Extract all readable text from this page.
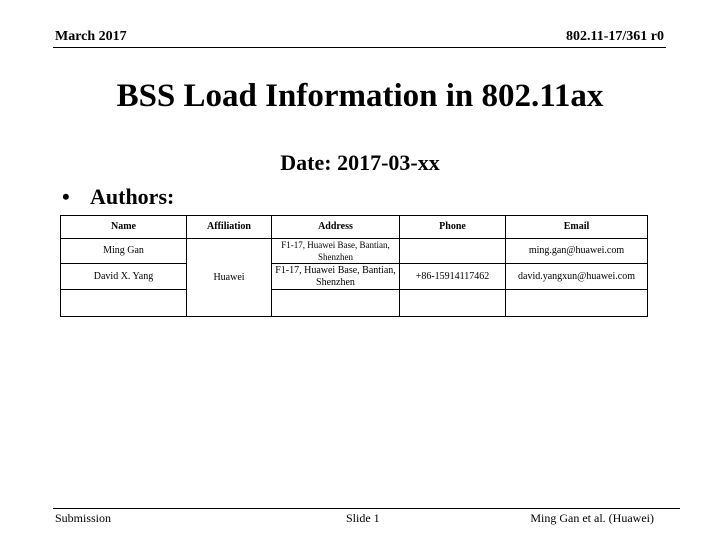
March 2017	802.11-17/361 r0
BSS Load Information in 802.11ax
Date: 2017-03-xx
• Authors:
Name	Affiliation	Address	Phone	Email
Ming Gan	Huawei	F1-17, Huawei Base, Bantian, Shenzhen		ming.gan@huawei.com
David X. Yang		F1-17, Huawei Base, Bantian, Shenzhen	+86-15914117462	david.yangxun@huawei.com

Submission	Slide 1	Ming Gan et al. (Huawei)
